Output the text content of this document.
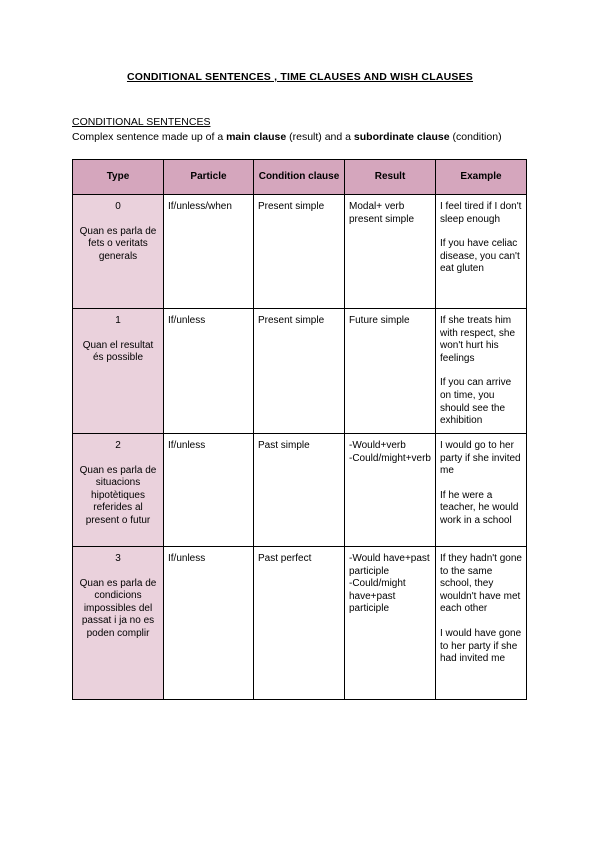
CONDITIONAL SENTENCES , TIME CLAUSES AND WISH CLAUSES
CONDITIONAL SENTENCES
Complex sentence made up of a main clause (result) and a subordinate clause (condition)
Type	Particle	Condition clause	Result	Example

0
Quan es parla de fets o veritats generals	If/unless/when	Present simple	Modal+ verb present simple	I feel tired if I don't sleep enough
If you have celiac disease, you can't eat gluten

1
Quan el resultat és possible	If/unless	Present simple	Future simple	If she treats him with respect, she won't hurt his feelings
If you can arrive on time, you should see the exhibition

2
Quan es parla de situacions hipotètiques referides al present o futur	If/unless	Past simple	-Would+verb
-Could/might+verb	I would go to her party if she invited me
If he were a teacher, he would work in a school

3
Quan es parla de condicions impossibles del passat i ja no es poden complir	If/unless	Past perfect	-Would have+past participle
-Could/might have+past participle	If they hadn't gone to the same school, they wouldn't have met each other
I would have gone to her party if she had invited me
